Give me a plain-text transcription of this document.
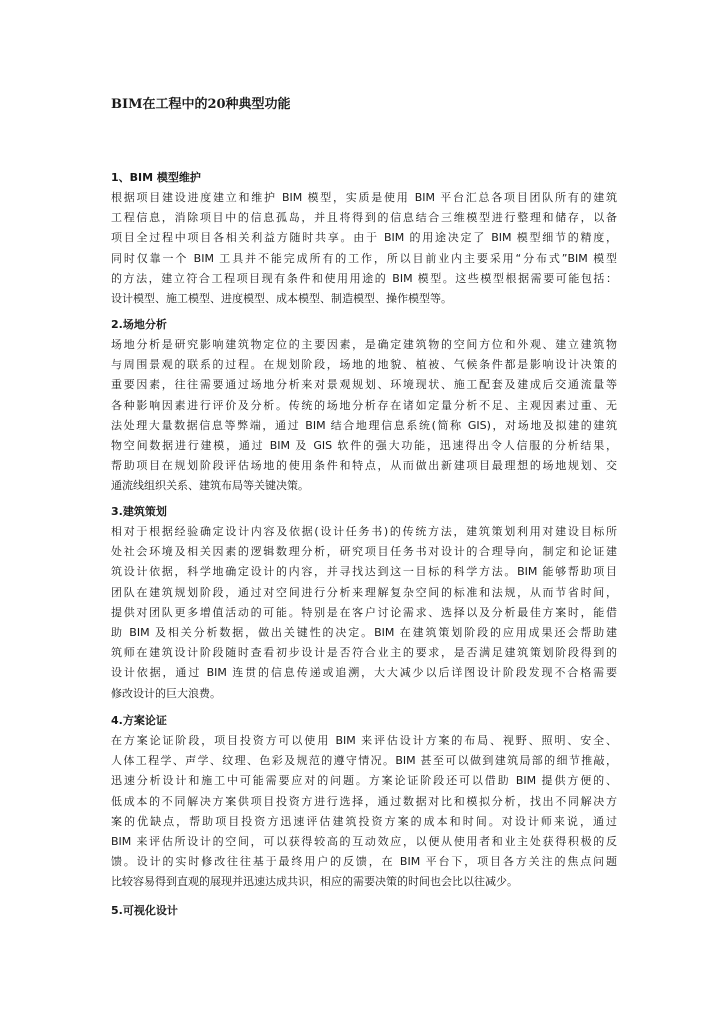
BIM在工程中的20种典型功能
1、BIM 模型维护

根据项目建设进度建立和维护 BIM 模型，实质是使用 BIM 平台汇总各项目团队所有的建筑
工程信息，消除项目中的信息孤岛，并且将得到的信息结合三维模型进行整理和储存，以备
项目全过程中项目各相关利益方随时共享。由于 BIM 的用途决定了 BIM 模型细节的精度，
同时仅靠一个 BIM 工具并不能完成所有的工作，所以目前业内主要采用“分布式”BIM 模型
的方法，建立符合工程项目现有条件和使用用途的 BIM 模型。这些模型根据需要可能包括：
设计模型、施工模型、进度模型、成本模型、制造模型、操作模型等。

2.场地分析

场地分析是研究影响建筑物定位的主要因素，是确定建筑物的空间方位和外观、建立建筑物
与周围景观的联系的过程。在规划阶段，场地的地貌、植被、气候条件都是影响设计决策的
重要因素，往往需要通过场地分析来对景观规划、环境现状、施工配套及建成后交通流量等
各种影响因素进行评价及分析。传统的场地分析存在诸如定量分析不足、主观因素过重、无
法处理大量数据信息等弊端，通过 BIM 结合地理信息系统(简称 GIS)，对场地及拟建的建筑
物空间数据进行建模，通过 BIM 及 GIS 软件的强大功能，迅速得出令人信服的分析结果，
帮助项目在规划阶段评估场地的使用条件和特点，从而做出新建项目最理想的场地规划、交
通流线组织关系、建筑布局等关键决策。

3.建筑策划

相对于根据经验确定设计内容及依据(设计任务书)的传统方法，建筑策划利用对建设目标所
处社会环境及相关因素的逻辑数理分析，研究项目任务书对设计的合理导向，制定和论证建
筑设计依据，科学地确定设计的内容，并寻找达到这一目标的科学方法。BIM 能够帮助项目
团队在建筑规划阶段，通过对空间进行分析来理解复杂空间的标准和法规，从而节省时间，
提供对团队更多增值活动的可能。特别是在客户讨论需求、选择以及分析最佳方案时，能借
助 BIM 及相关分析数据，做出关键性的决定。BIM 在建筑策划阶段的应用成果还会帮助建
筑师在建筑设计阶段随时查看初步设计是否符合业主的要求，是否满足建筑策划阶段得到的
设计依据，通过 BIM 连贯的信息传递或追溯，大大减少以后详图设计阶段发现不合格需要
修改设计的巨大浪费。

4.方案论证

在方案论证阶段，项目投资方可以使用 BIM 来评估设计方案的布局、视野、照明、安全、
人体工程学、声学、纹理、色彩及规范的遵守情况。BIM 甚至可以做到建筑局部的细节推敲，
迅速分析设计和施工中可能需要应对的问题。方案论证阶段还可以借助 BIM 提供方便的、
低成本的不同解决方案供项目投资方进行选择，通过数据对比和模拟分析，找出不同解决方
案的优缺点，帮助项目投资方迅速评估建筑投资方案的成本和时间。对设计师来说，通过
BIM 来评估所设计的空间，可以获得较高的互动效应，以便从使用者和业主处获得积极的反
馈。设计的实时修改往往基于最终用户的反馈，在 BIM 平台下，项目各方关注的焦点问题
比较容易得到直观的展现并迅速达成共识，相应的需要决策的时间也会比以往减少。

5.可视化设计
